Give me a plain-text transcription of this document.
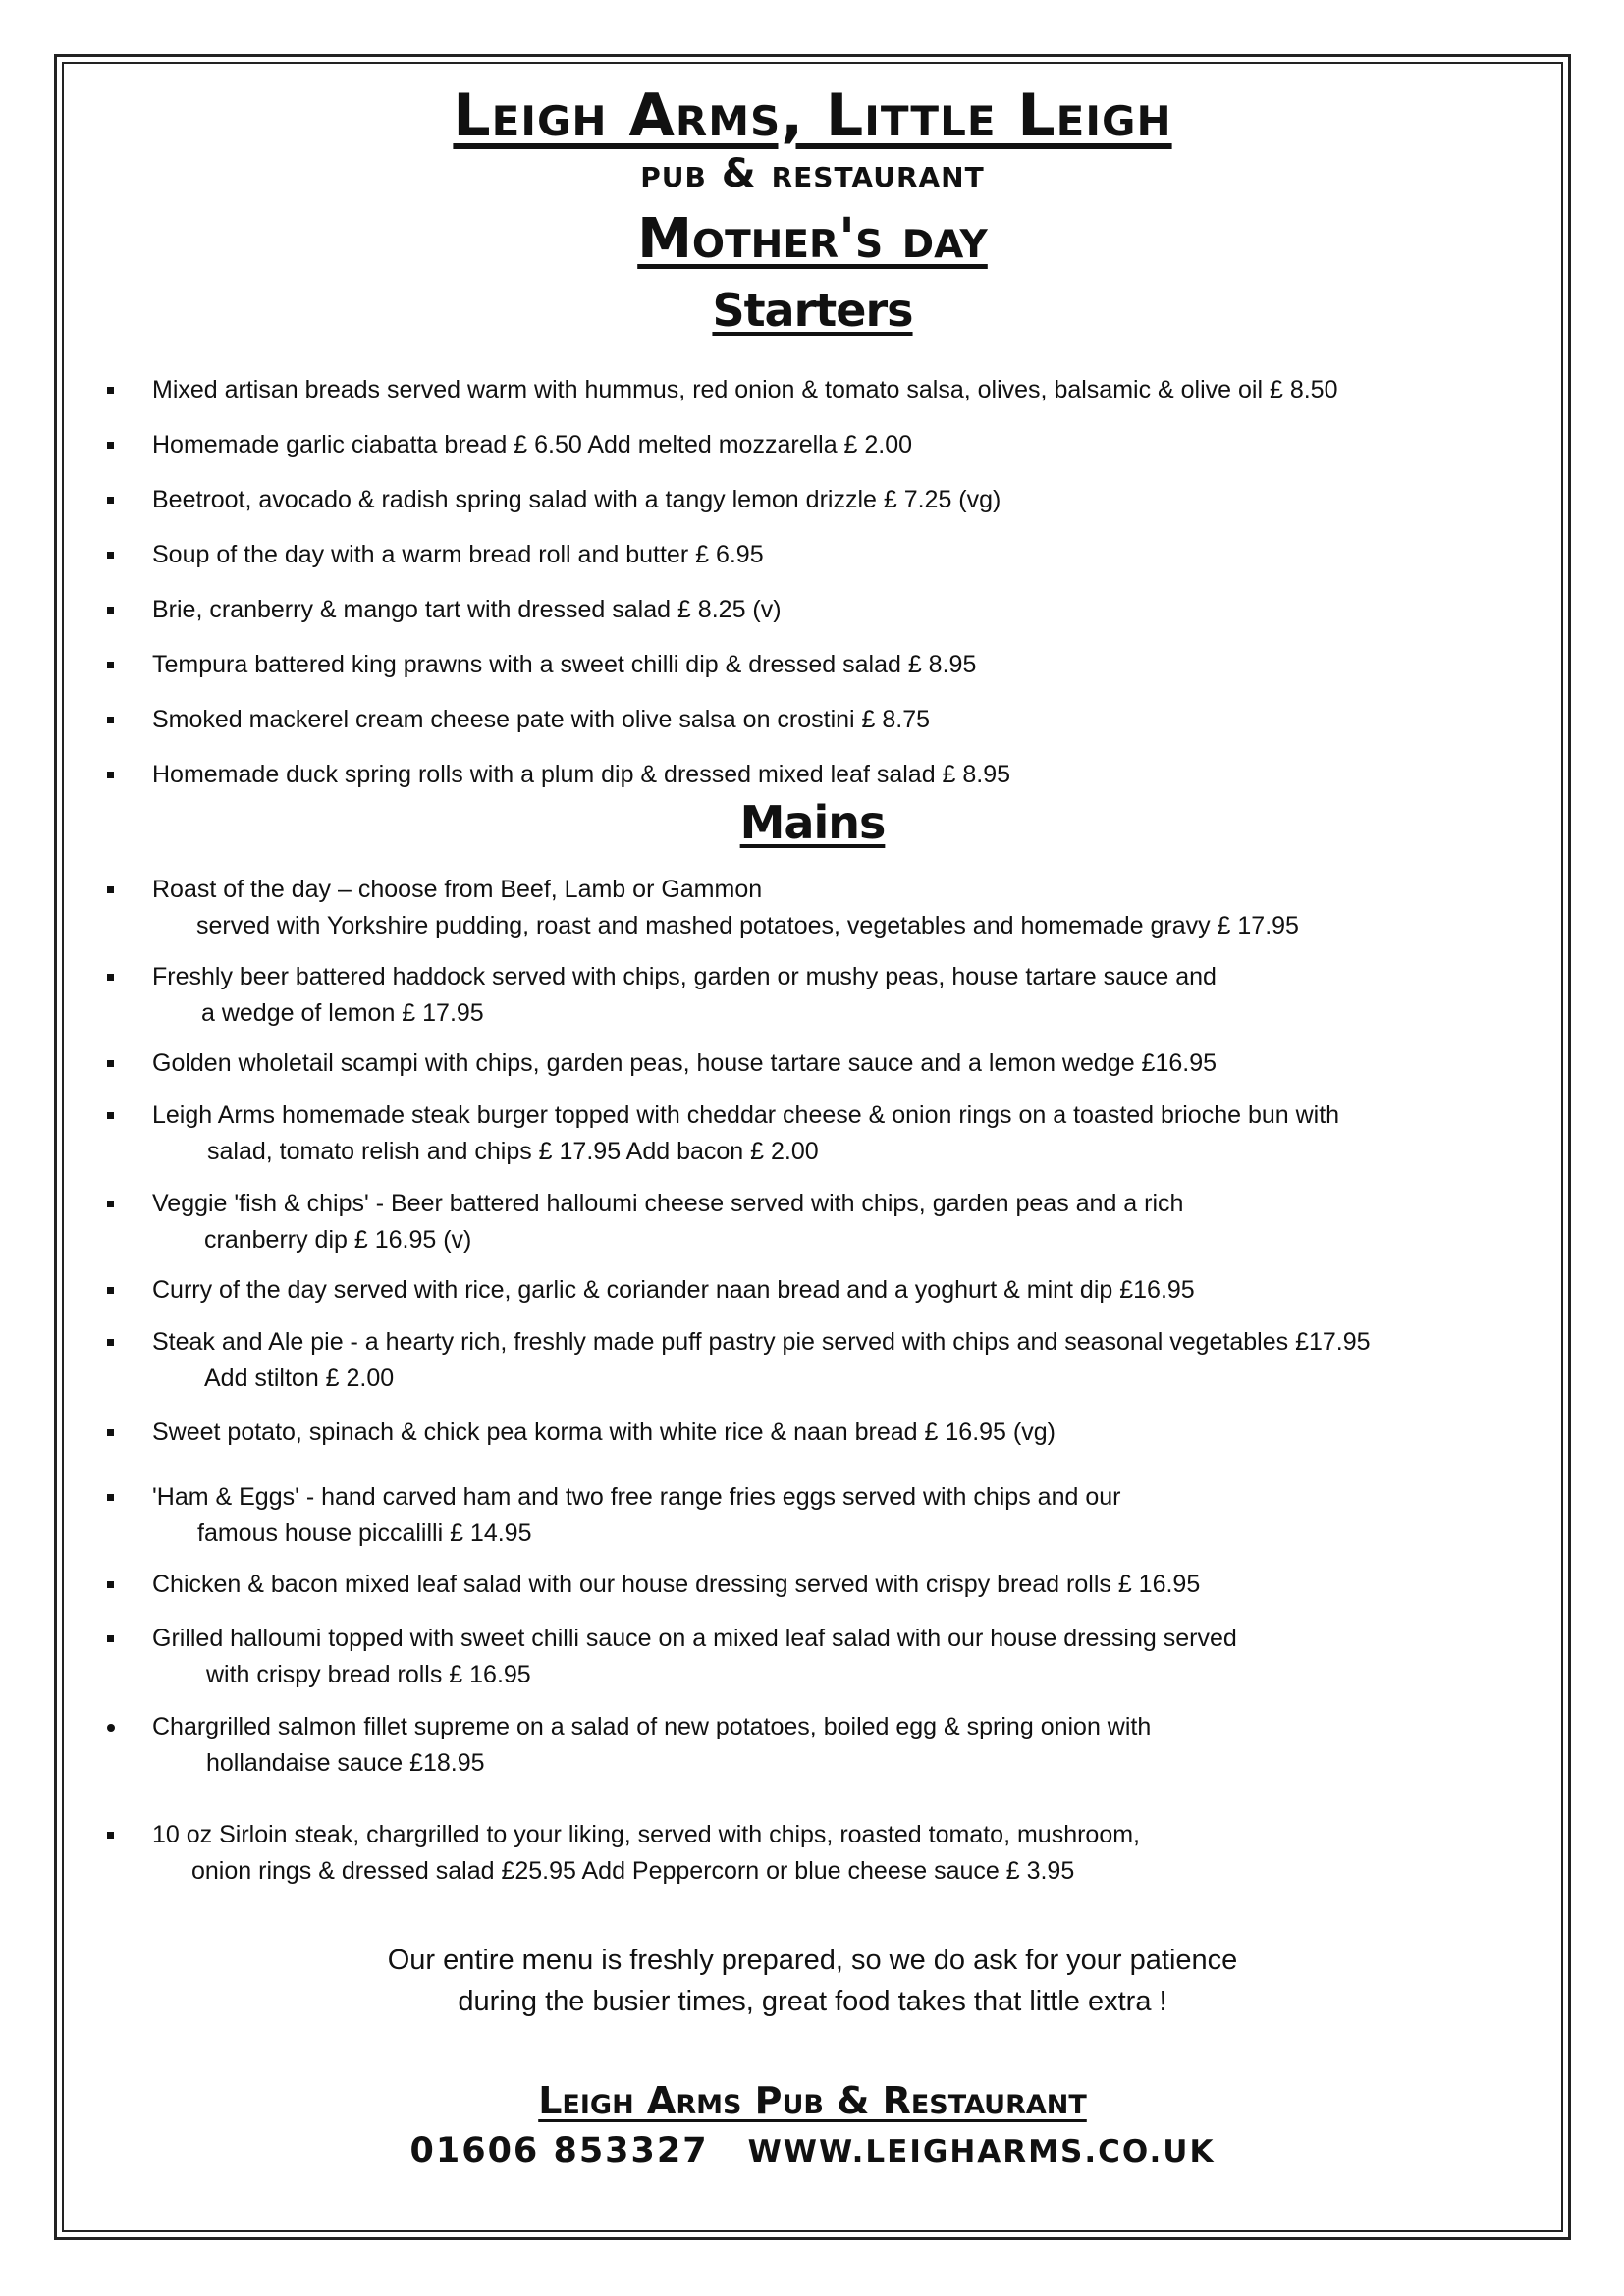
Leigh Arms, Little Leigh
pub & restaurant
Mother's day
Starters
Mixed artisan breads served warm with hummus, red onion & tomato salsa, olives, balsamic & olive oil £ 8.50
Homemade garlic ciabatta bread £ 6.50 Add melted mozzarella £ 2.00
Beetroot, avocado & radish spring salad with a tangy lemon drizzle £ 7.25 (vg)
Soup of the day with a warm bread roll and butter £ 6.95
Brie, cranberry & mango tart with dressed salad £ 8.25 (v)
Tempura battered king prawns with a sweet chilli dip & dressed salad £ 8.95
Smoked mackerel cream cheese pate with olive salsa on crostini £ 8.75
Homemade duck spring rolls with a plum dip & dressed mixed leaf salad £ 8.95
Mains
Roast of the day – choose from Beef, Lamb or Gammon
served with Yorkshire pudding, roast and mashed potatoes, vegetables and homemade gravy £ 17.95
Freshly beer battered haddock served with chips, garden or mushy peas, house tartare sauce and
a wedge of lemon £ 17.95
Golden wholetail scampi with chips, garden peas, house tartare sauce and a lemon wedge £16.95
Leigh Arms homemade steak burger topped with cheddar cheese & onion rings on a toasted brioche bun with
salad, tomato relish and chips £ 17.95 Add bacon £ 2.00
Veggie 'fish & chips' - Beer battered halloumi cheese served with chips, garden peas and a rich
cranberry dip £ 16.95 (v)
Curry of the day served with rice, garlic & coriander naan bread and a yoghurt & mint dip £16.95
Steak and Ale pie - a hearty rich, freshly made puff pastry pie served with chips and seasonal vegetables £17.95
Add stilton £ 2.00
Sweet potato, spinach & chick pea korma with white rice & naan bread £ 16.95 (vg)
'Ham & Eggs' - hand carved ham and two free range fries eggs served with chips and our
famous house piccalilli £ 14.95
Chicken & bacon mixed leaf salad with our house dressing served with crispy bread rolls £ 16.95
Grilled halloumi topped with sweet chilli sauce on a mixed leaf salad with our house dressing served
with crispy bread rolls £ 16.95
Chargrilled salmon fillet supreme on a salad of new potatoes, boiled egg & spring onion with
hollandaise sauce £18.95
10 oz Sirloin steak, chargrilled to your liking, served with chips, roasted tomato, mushroom,
onion rings & dressed salad £25.95 Add Peppercorn or blue cheese sauce £ 3.95
Our entire menu is freshly prepared, so we do ask for your patience
during the busier times, great food takes that little extra !
Leigh Arms Pub & Restaurant
01606 853327 WWW.LEIGHARMS.CO.UK
